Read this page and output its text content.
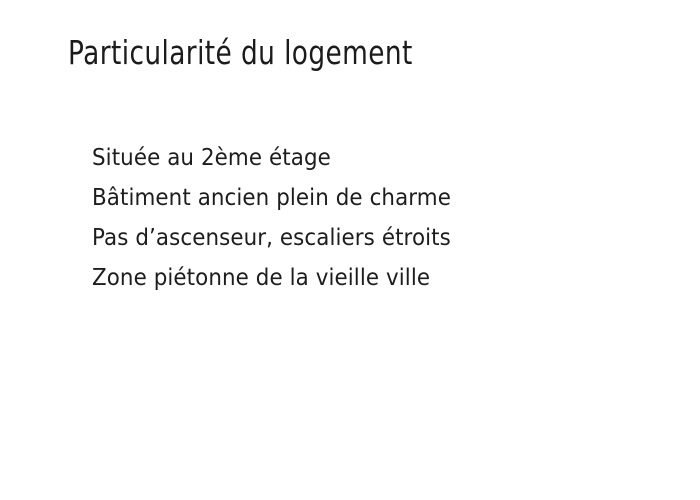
Particularité du logement
Située au 2ème étage
Bâtiment ancien plein de charme
Pas d’ascenseur, escaliers étroits
Zone piétonne de la vieille ville
